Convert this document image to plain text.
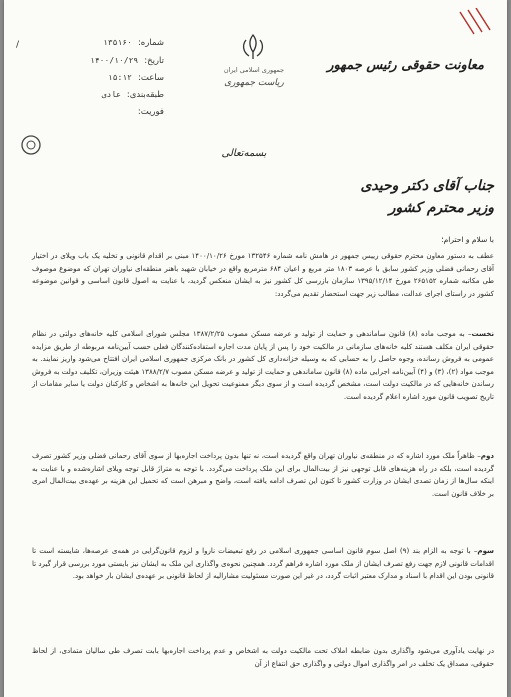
شماره:۱۳۵۱۶۰
/
تاریخ:۱۴۰۰/۱۰/۲۹
ساعت:۱۵:۱۲
طبقه‌بندی:عادی
فوریت:
جمهوری اسلامی ایران
ریاست جمهوری
معاونت حقوقی رئیس جمهور
بسمه‌تعالی
جناب آقای دکتر وحیدی
وزیر محترم کشور
با سلام و احترام؛
عطف به دستور معاون محترم حقوقی رییس جمهور در هامش نامه شماره ۱۳۲۵۴۶ مورخ ۱۴۰۰/۱۰/۲۶ مبنی بر اقدام قانونی و تخلیه یک باب ویلای در اختیار آقای رحمانی فضلی وزیر کشور سابق با عرصه ۱۸۰۳ متر مربع و اعیان ۶۸۴ مترمربع واقع در خیابان شهید باهنر منطقه‌ای نیاوران تهران که موضوع موصوف طی مکاتبه شماره ۲۶۵۱۵۲ مورخ ۱۳۹۵/۱۲/۱۴ سازمان بازرسی کل کشور نیز به ایشان منعکس گردید، با عنایت به اصول قانون اساسی و قوانین موضوعه کشور در راستای اجرای عدالت، مطالب زیر جهت استحضار تقدیم می‌گردد:
نخست– به موجب ماده (۸) قانون ساماندهی و حمایت از تولید و عرضه مسکن مصوب ۱۳۸۷/۲/۲۵ مجلس شورای اسلامی کلیه خانه‌های دولتی در نظام حقوقی ایران مکلف هستند کلیه خانه‌های سازمانی در مالکیت خود را پس از پایان مدت اجاره استفاده‌کنندگان فعلی حسب آیین‌نامه مربوطه از طریق مزایده عمومی به فروش رسانده، وجوه حاصل را به حسابی که به وسیله خزانه‌داری کل کشور در بانک مرکزی جمهوری اسلامی ایران افتتاح می‌شود واریز نمایند. به موجب مواد (۲)، (۳) و (۴) آیین‌نامه اجرایی ماده (۸) قانون ساماندهی و حمایت از تولید و عرضه مسکن مصوب ۱۳۸۸/۲/۷ هیئت وزیران، تکلیف دولت به فروش رساندن خانه‌هایی که در مالکیت دولت است، مشخص گردیده است و از سوی دیگر ممنوعیت تحویل این خانه‌ها به اشخاص و کارکنان دولت یا سایر مقامات از تاریخ تصویب قانون مورد اشاره اعلام گردیده است.
دوم– ظاهراً ملک مورد اشاره که در منطقه‌ی نیاوران تهران واقع گردیده است، نه تنها بدون پرداخت اجاره‌بها از سوی آقای رحمانی فضلی وزیر کشور تصرف گردیده است، بلکه در راه هزینه‌های قابل توجهی نیز از بیت‌المال برای این ملک پرداخت می‌گردد. با توجه به متراژ قابل توجه ویلای اشاره‌شده و با عنایت به اینکه سال‌ها از زمان تصدی ایشان در وزارت کشور تا کنون این تصرف ادامه یافته است، واضح و مبرهن است که تحمیل این هزینه بر عهده‌ی بیت‌المال امری بر خلاف قانون است.
سوم– با توجه به الزام بند (۹) اصل سوم قانون اساسی جمهوری اسلامی در رفع تبعیضات ناروا و لزوم قانون‌گرایی در همه‌ی عرصه‌ها، شایسته است تا اقدامات قانونی لازم جهت رفع تصرف ایشان از ملک مورد اشاره فراهم گردد. همچنین نحوه‌ی واگذاری این ملک به ایشان نیز بایستی مورد بررسی قرار گیرد تا قانونی بودن این اقدام با اسناد و مدارک معتبر اثبات گردد، در غیر این صورت مسئولیت مشارالیه از لحاظ قانونی بر عهده‌ی ایشان بار خواهد بود.
در نهایت یادآوری می‌شود واگذاری بدون ضابطه املاک تحت مالکیت دولت به اشخاص و عدم پرداخت اجاره‌بها بابت تصرف طی سالیان متمادی، از لحاظ حقوقی، مصداق یک تخلف در امر واگذاری اموال دولتی و واگذاری حق انتفاع از آن
